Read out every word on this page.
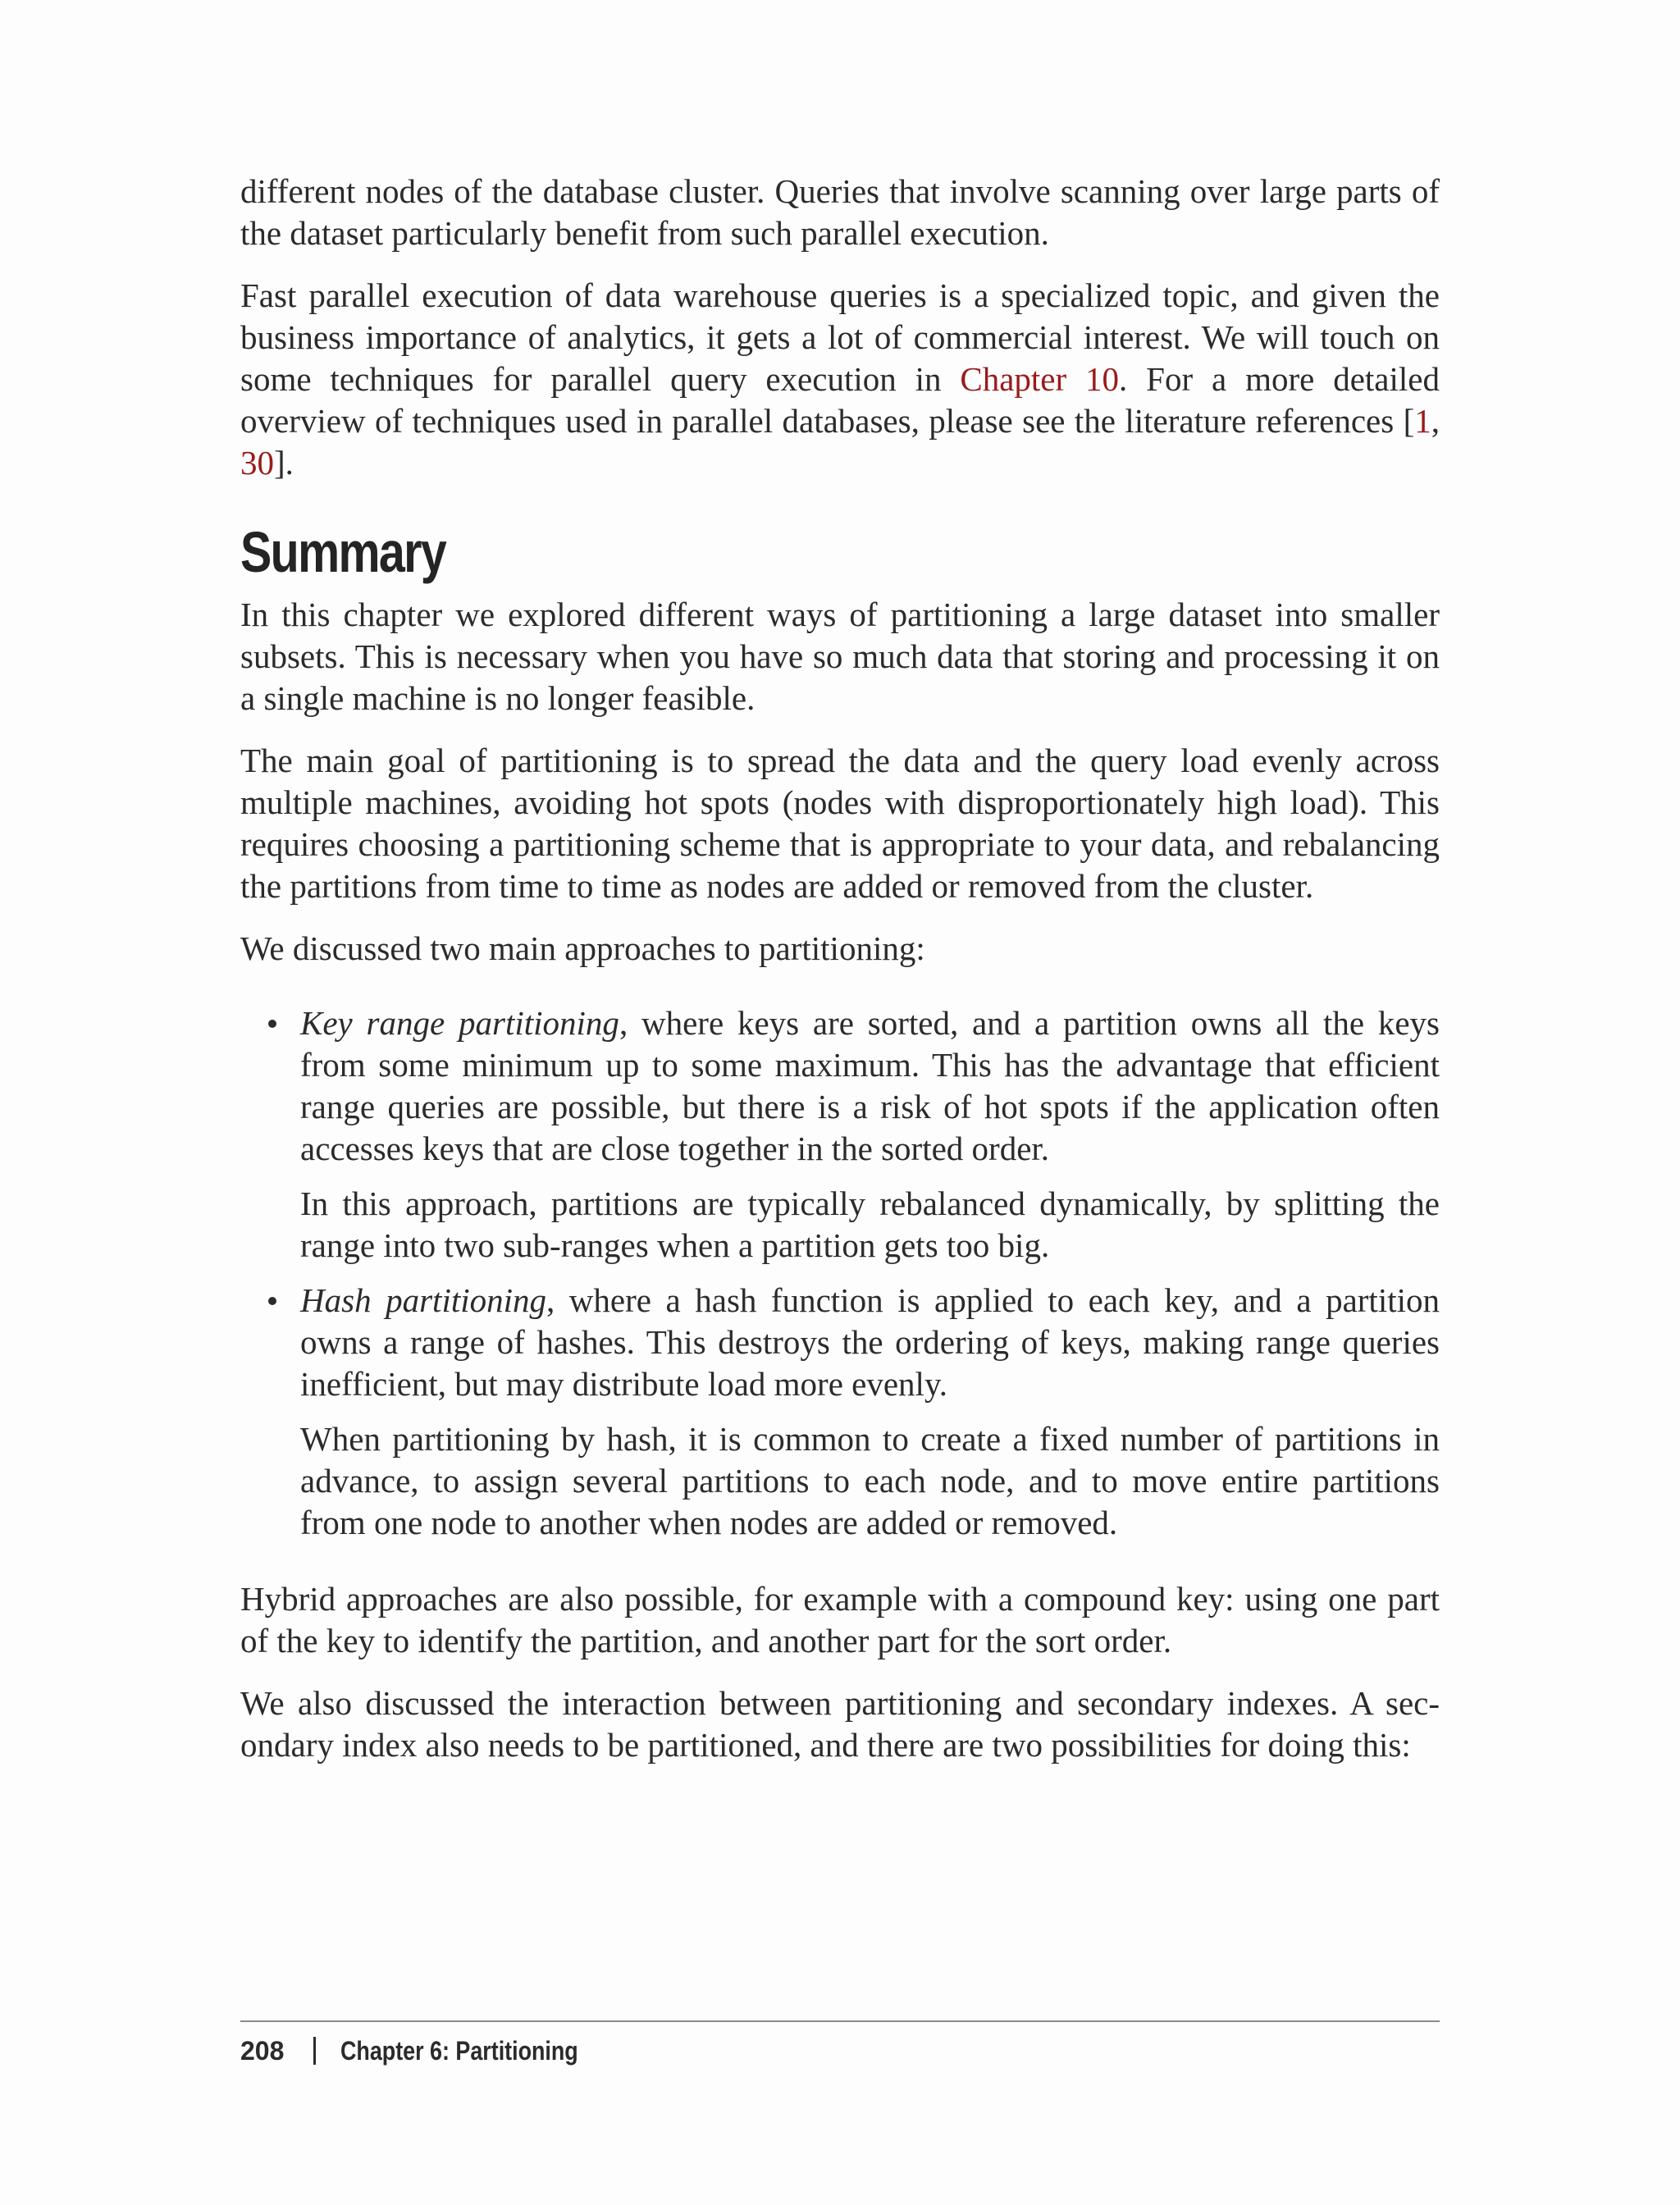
different nodes of the database cluster. Queries that involve scanning over large parts of the dataset particularly benefit from such parallel execution.

Fast parallel execution of data warehouse queries is a specialized topic, and given the business importance of analytics, it gets a lot of commercial interest. We will touch on some techniques for parallel query execution in Chapter 10. For a more detailed overview of techniques used in parallel databases, please see the literature references [1, 30].

Summary

In this chapter we explored different ways of partitioning a large dataset into smaller subsets. This is necessary when you have so much data that storing and processing it on a single machine is no longer feasible.

The main goal of partitioning is to spread the data and the query load evenly across multiple machines, avoiding hot spots (nodes with disproportionately high load). This requires choosing a partitioning scheme that is appropriate to your data, and rebalancing the partitions from time to time as nodes are added or removed from the cluster.

We discussed two main approaches to partitioning:

Key range partitioning, where keys are sorted, and a partition owns all the keys from some minimum up to some maximum. This has the advantage that efficient range queries are possible, but there is a risk of hot spots if the application often accesses keys that are close together in the sorted order.

In this approach, partitions are typically rebalanced dynamically, by splitting the range into two sub-ranges when a partition gets too big.

Hash partitioning, where a hash function is applied to each key, and a partition owns a range of hashes. This destroys the ordering of keys, making range queries inefficient, but may distribute load more evenly.

When partitioning by hash, it is common to create a fixed number of partitions in advance, to assign several partitions to each node, and to move entire partitions from one node to another when nodes are added or removed.

Hybrid approaches are also possible, for example with a compound key: using one part of the key to identify the partition, and another part for the sort order.

We also discussed the interaction between partitioning and secondary indexes. A secondary index also needs to be partitioned, and there are two possibilities for doing this:

208 Chapter 6: Partitioning
